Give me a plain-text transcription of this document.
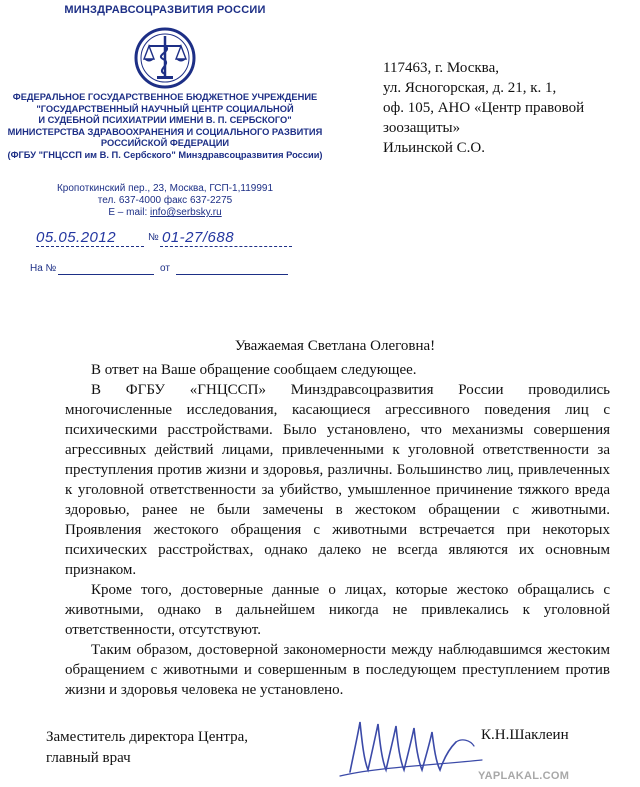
МИНЗДРАВСОЦРАЗВИТИЯ РОССИИ
ФЕДЕРАЛЬНОЕ ГОСУДАРСТВЕННОЕ БЮДЖЕТНОЕ УЧРЕЖДЕНИЕ
"ГОСУДАРСТВЕННЫЙ НАУЧНЫЙ ЦЕНТР СОЦИАЛЬНОЙ
И СУДЕБНОЙ ПСИХИАТРИИ ИМЕНИ В. П. СЕРБСКОГО"
МИНИСТЕРСТВА ЗДРАВООХРАНЕНИЯ И СОЦИАЛЬНОГО РАЗВИТИЯ
РОССИЙСКОЙ ФЕДЕРАЦИИ
(ФГБУ "ГНЦССП им В. П. Сербского" Минздравсоцразвития России)
Кропоткинский пер., 23, Москва, ГСП-1,119991
тел. 637-4000 факс 637-2275
E – mail: info@serbsky.ru
05.05.2012	№ 01-27/688
На №	от
117463, г. Москва,
ул. Ясногорская, д. 21, к. 1,
оф. 105, АНО «Центр правовой
зоозащиты»
Ильинской С.О.
Уважаемая Светлана Олеговна!

В ответ на Ваше обращение сообщаем следующее.

В ФГБУ «ГНЦССП» Минздравсоцразвития России проводились многочисленные исследования, касающиеся агрессивного поведения лиц с психическими расстройствами. Было установлено, что механизмы совершения агрессивных действий лицами, привлеченными к уголовной ответственности за преступления против жизни и здоровья, различны. Большинство лиц, привлеченных к уголовной ответственности за убийство, умышленное причинение тяжкого вреда здоровью, ранее не были замечены в жестоком обращении с животными. Проявления жестокого обращения с животными встречается при некоторых психических расстройствах, однако далеко не всегда являются их основным признаком.

Кроме того, достоверные данные о лицах, которые жестоко обращались с животными, однако в дальнейшем никогда не привлекались к уголовной ответственности, отсутствуют.

Таким образом, достоверной закономерности между наблюдавшимся жестоким обращением с животными и совершенным в последующем преступлением против жизни и здоровья человека не установлено.

Заместитель директора Центра,
главный врач
К.Н.Шаклеин
YAPLAKAL.COM
